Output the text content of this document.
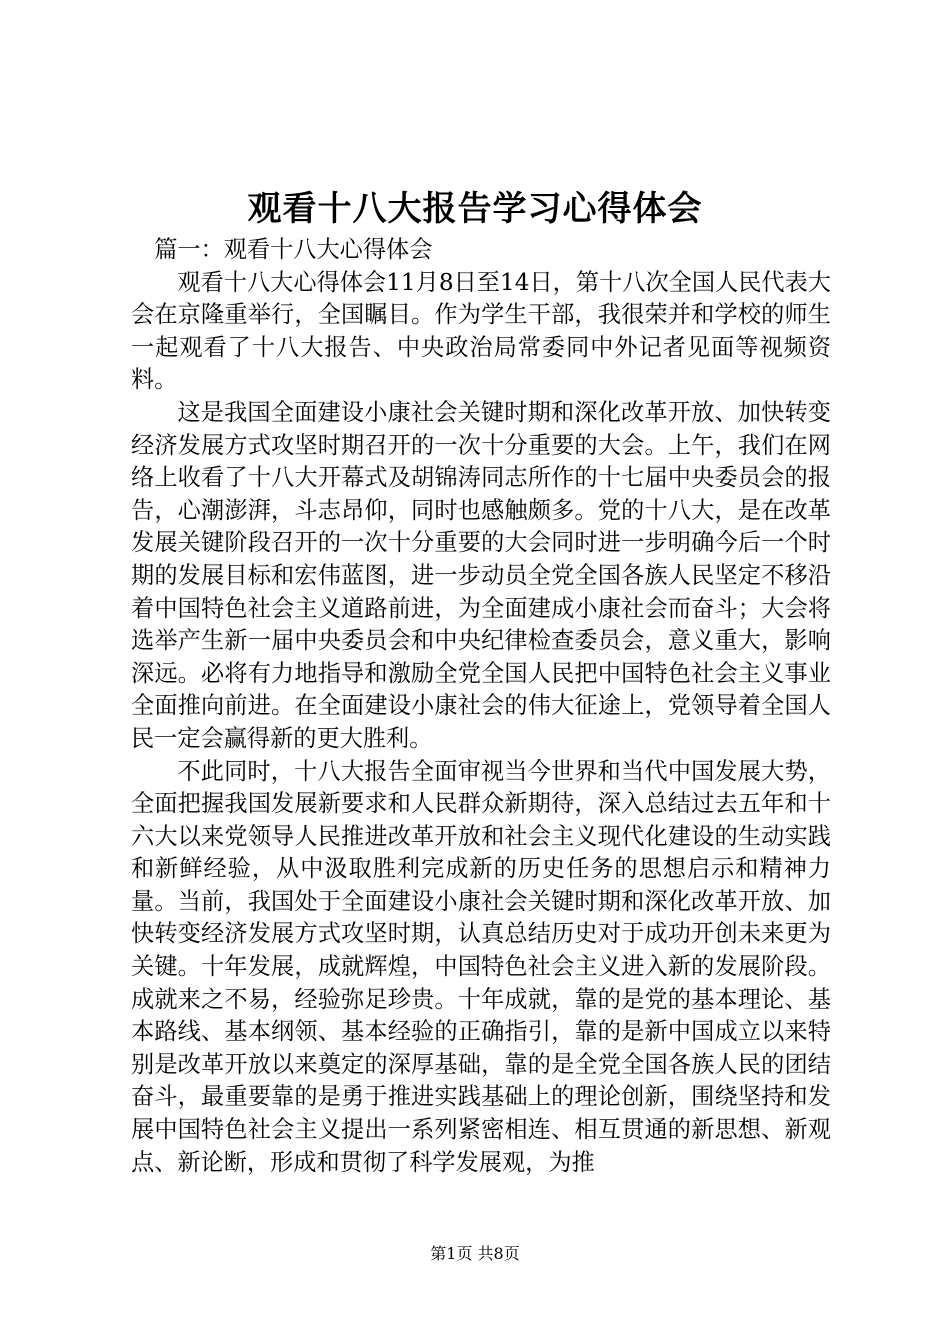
观看十八大报告学习心得体会

篇一：观看十八大心得体会

观看十八大心得体会11月8日至14日，第十八次全国人民代表大会在京隆重举行，全国瞩目。作为学生干部，我很荣并和学校的师生一起观看了十八大报告、中央政治局常委同中外记者见面等视频资料。

这是我国全面建设小康社会关键时期和深化改革开放、加快转变经济发展方式攻坚时期召开的一次十分重要的大会。上午，我们在网络上收看了十八大开幕式及胡锦涛同志所作的十七届中央委员会的报告，心潮澎湃，斗志昂仰，同时也感触颇多。党的十八大，是在改革发展关键阶段召开的一次十分重要的大会同时进一步明确今后一个时期的发展目标和宏伟蓝图，进一步动员全党全国各族人民坚定不移沿着中国特色社会主义道路前进，为全面建成小康社会而奋斗；大会将选举产生新一届中央委员会和中央纪律检查委员会，意义重大，影响深远。必将有力地指导和激励全党全国人民把中国特色社会主义事业全面推向前进。在全面建设小康社会的伟大征途上，党领导着全国人民一定会赢得新的更大胜利。

不此同时，十八大报告全面审视当今世界和当代中国发展大势，全面把握我国发展新要求和人民群众新期待，深入总结过去五年和十六大以来党领导人民推进改革开放和社会主义现代化建设的生动实践和新鲜经验，从中汲取胜利完成新的历史任务的思想启示和精神力量。当前，我国处于全面建设小康社会关键时期和深化改革开放、加快转变经济发展方式攻坚时期，认真总结历史对于成功开创未来更为关键。十年发展，成就辉煌，中国特色社会主义进入新的发展阶段。成就来之不易，经验弥足珍贵。十年成就，靠的是党的基本理论、基本路线、基本纲领、基本经验的正确指引，靠的是新中国成立以来特别是改革开放以来奠定的深厚基础，靠的是全党全国各族人民的团结奋斗，最重要靠的是勇于推进实践基础上的理论创新，围绕坚持和发展中国特色社会主义提出一系列紧密相连、相互贯通的新思想、新观点、新论断，形成和贯彻了科学发展观，为推

第1页 共8页
